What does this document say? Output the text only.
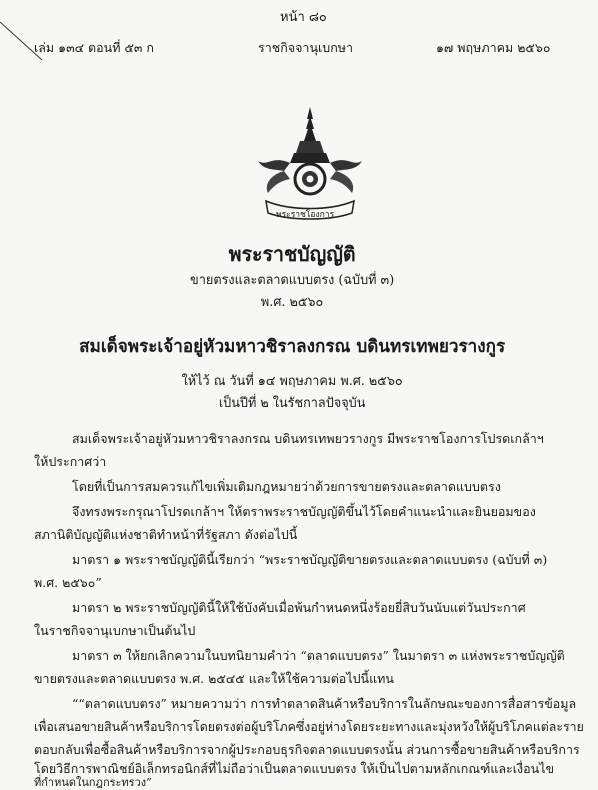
หน้า ๘๐
เล่ม ๑๓๔ ตอนที่ ๕๓ ก	ราชกิจจานุเบกษา	๑๗ พฤษภาคม ๒๕๖๐
พระราชโองการ
พระราชบัญญัติ
ขายตรงและตลาดแบบตรง (ฉบับที่ ๓)
พ.ศ. ๒๕๖๐
สมเด็จพระเจ้าอยู่หัวมหาวชิราลงกรณ บดินทรเทพยวรางกูร
ให้ไว้ ณ วันที่ ๑๔ พฤษภาคม พ.ศ. ๒๕๖๐
เป็นปีที่ ๒ ในรัชกาลปัจจุบัน
สมเด็จพระเจ้าอยู่หัวมหาวชิราลงกรณ บดินทรเทพยวรางกูร มีพระราชโองการโปรดเกล้าฯ
ให้ประกาศว่า
โดยที่เป็นการสมควรแก้ไขเพิ่มเติมกฎหมายว่าด้วยการขายตรงและตลาดแบบตรง
จึงทรงพระกรุณาโปรดเกล้าฯ ให้ตราพระราชบัญญัติขึ้นไว้โดยคำแนะนำและยินยอมของ
สภานิติบัญญัติแห่งชาติทำหน้าที่รัฐสภา ดังต่อไปนี้
มาตรา ๑ พระราชบัญญัตินี้เรียกว่า “พระราชบัญญัติขายตรงและตลาดแบบตรง (ฉบับที่ ๓)
พ.ศ. ๒๕๖๐”
มาตรา ๒ พระราชบัญญัตินี้ให้ใช้บังคับเมื่อพ้นกำหนดหนึ่งร้อยยี่สิบวันนับแต่วันประกาศ
ในราชกิจจานุเบกษาเป็นต้นไป
มาตรา ๓ ให้ยกเลิกความในบทนิยามคำว่า “ตลาดแบบตรง” ในมาตรา ๓ แห่งพระราชบัญญัติ
ขายตรงและตลาดแบบตรง พ.ศ. ๒๕๔๕ และให้ใช้ความต่อไปนี้แทน
““ตลาดแบบตรง” หมายความว่า การทำตลาดสินค้าหรือบริการในลักษณะของการสื่อสารข้อมูล
เพื่อเสนอขายสินค้าหรือบริการโดยตรงต่อผู้บริโภคซึ่งอยู่ห่างโดยระยะทางและมุ่งหวังให้ผู้บริโภคแต่ละราย
ตอบกลับเพื่อซื้อสินค้าหรือบริการจากผู้ประกอบธุรกิจตลาดแบบตรงนั้น ส่วนการซื้อขายสินค้าหรือบริการ
โดยวิธีการพาณิชย์อิเล็กทรอนิกส์ที่ไม่ถือว่าเป็นตลาดแบบตรง ให้เป็นไปตามหลักเกณฑ์และเงื่อนไข
ที่กำหนดในกฎกระทรวง”
